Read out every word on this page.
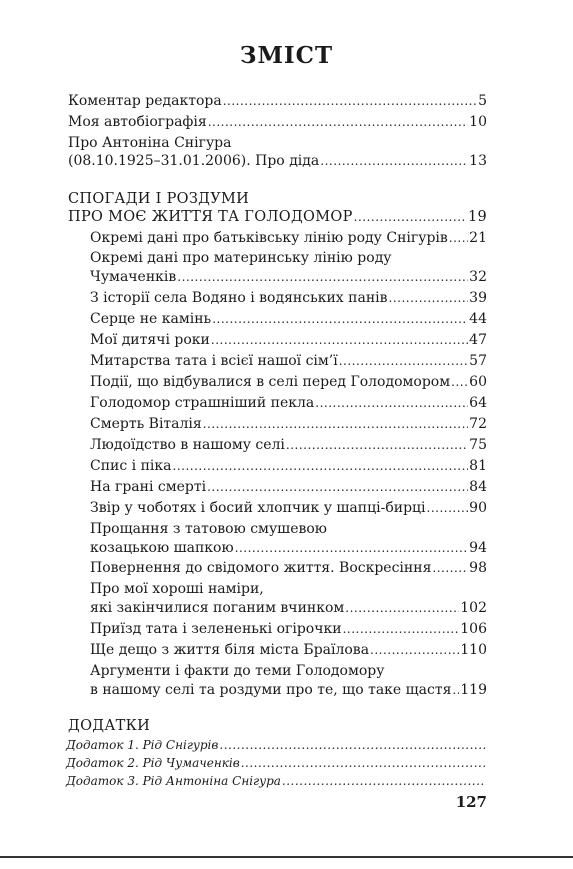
ЗМІСТ
Коментар редактора .....	5
Моя автобіографія .....	10
Про Антоніна Снігура
(08.10.1925–31.01.2006). Про діда .....	13
СПОГАДИ І РОЗДУМИ
ПРО МОЄ ЖИТТЯ ТА ГОЛОДОМОР .....	19
Окремі дані про батьківську лінію роду Снігурів ..... 21
Окремі дані про материнську лінію роду
Чумаченків .....	32
З історії села Водяно і водянських панів .....	39
Серце не камінь .....	44
Мої дитячі роки .....	47
Митарства тата і всієї нашої сім’ї .....	57
Події, що відбувалися в селі перед Голодомором ..... 60
Голодомор страшніший пекла .....	64
Смерть Віталія .....	72
Людоїдство в нашому селі .....	75
Спис і піка .....	81
На грані смерті .....	84
Звір у чоботях і босий хлопчик у шапці-бирці .....	90
Прощання з татовою смушевою
козацькою шапкою .....	94
Повернення до свідомого життя. Воскресіння .....	98
Про мої хороші наміри,
які закінчилися поганим вчинком .....	102
Приїзд тата і зелененькі огірочки .....	106
Ще дещо з життя біля міста Браїлова .....	110
Аргументи і факти до теми Голодомору
в нашому селі та роздуми про те, що таке щастя ..... 119
ДОДАТКИ
Додаток 1. Рід Снігурів
.....
Додаток 2. Рід Чумаченків
.....
Додаток 3. Рід Антоніна Снігура
.....
127
